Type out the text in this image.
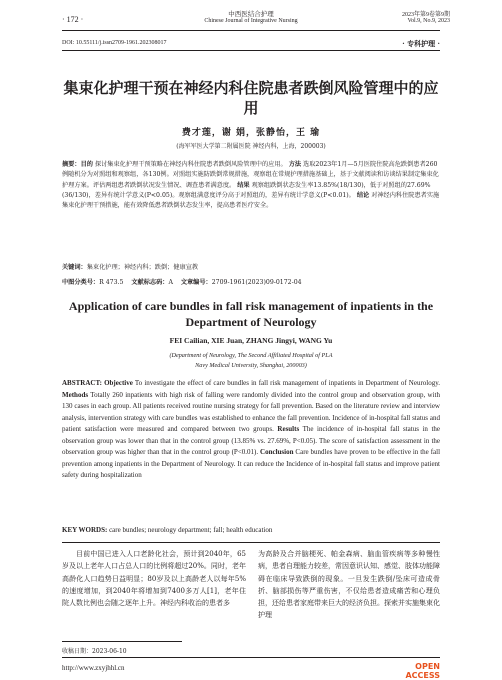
中西医结合护理
Chinese Journal of Integrative Nursing
· 172 ·	2023年第9卷第9期
Vol.9, No.9, 2023
DOI: 10.55111/j.issn2709-1961.202308017	· 专科护理 ·
集束化护理干预在神经内科住院患者跌倒风险管理中的应用
费才莲，谢 娟，张静怡，王 瑜
(海军军医大学第二附属医院 神经内科，上海，200003)
摘要：目的 探讨集束化护理干预策略在神经内科住院患者跌倒风险管理中的应用。 方法 选取2023年1月—5月医院住院高危跌倒患者260例随机分为对照组和观察组，各130例。对照组实施防跌倒常规措施，观察组在常规护理措施基础上，基于文献阅读和访谈结果制定集束化护理方案。评估两组患者跌倒状况发生情况、调查患者满意度。 结果 观察组跌倒状态发生率13.85%(18/130)，低于对照组的27.69%(36/130)，差异有统计学意义(P<0.05)。观察组满意度评分高于对照组的，差异有统计学意义(P<0.01)。 结论 对神经内科住院患者实施集束化护理干预措施，能有效降低患者跌倒状态发生率，提高患者医疗安全。
关键词：集束化护理；神经内科；跌倒；健康宣教
中图分类号：R 473.5 文献标志码：A 文章编号：2709-1961(2023)09-0172-04
Application of care bundles in fall risk management of inpatients in the Department of Neurology
FEI Cailian, XIE Juan, ZHANG Jingyi, WANG Yu
(Department of Neurology, The Second Affiliated Hospital of PLA
Navy Medical University, Shanghai, 200003)
ABSTRACT: Objective To investigate the effect of care bundles in fall risk management of inpatients in Department of Neurology. Methods Totally 260 inpatients with high risk of falling were randomly divided into the control group and observation group, with 130 cases in each group. All patients received routine nursing strategy for fall prevention. Based on the literature review and interview analysis, intervention strategy with care bundles was established to enhance the fall prevention. Incidence of in-hospital fall status and patient satisfaction were measured and compared between two groups. Results The incidence of in-hospital fall status in the observation group was lower than that in the control group (13.85% vs. 27.69%, P<0.05). The score of satisfaction assessment in the observation group was higher than that in the control group (P<0.01). Conclusion Care bundles have proven to be effective in the fall prevention among inpatients in the Department of Neurology. It can reduce the Incidence of in-hospital fall status and improve patient safety during hospitalization
KEY WORDS: care bundles; neurology department; fall; health education
目前中国已进入人口老龄化社会，预计到2040年，65岁及以上老年人口占总人口的比例将超过20%。同时，老年高龄化人口趋势日益明显；80岁及以上高龄老人以每年5%的速度增加，到2040年将增加到7400多万人[1]，老年住院人数比例也会随之逐年上升。神经内科收治的患者多
为高龄及合并脑梗死、帕金森病、脑血管疾病等多种慢性病，患者自理能力较差，常因意识认知、感觉、肢体功能障碍在临床导致跌倒的现象。一旦发生跌倒/坠床可造成骨折、脑部损伤等严重伤害，不仅给患者造成痛苦和心理负担，还给患者家庭带来巨大的经济负担。探索并实施集束化护理
收稿日期：2023-06-10
http://www.zxyjhhl.cn	OPEN ACCESS
